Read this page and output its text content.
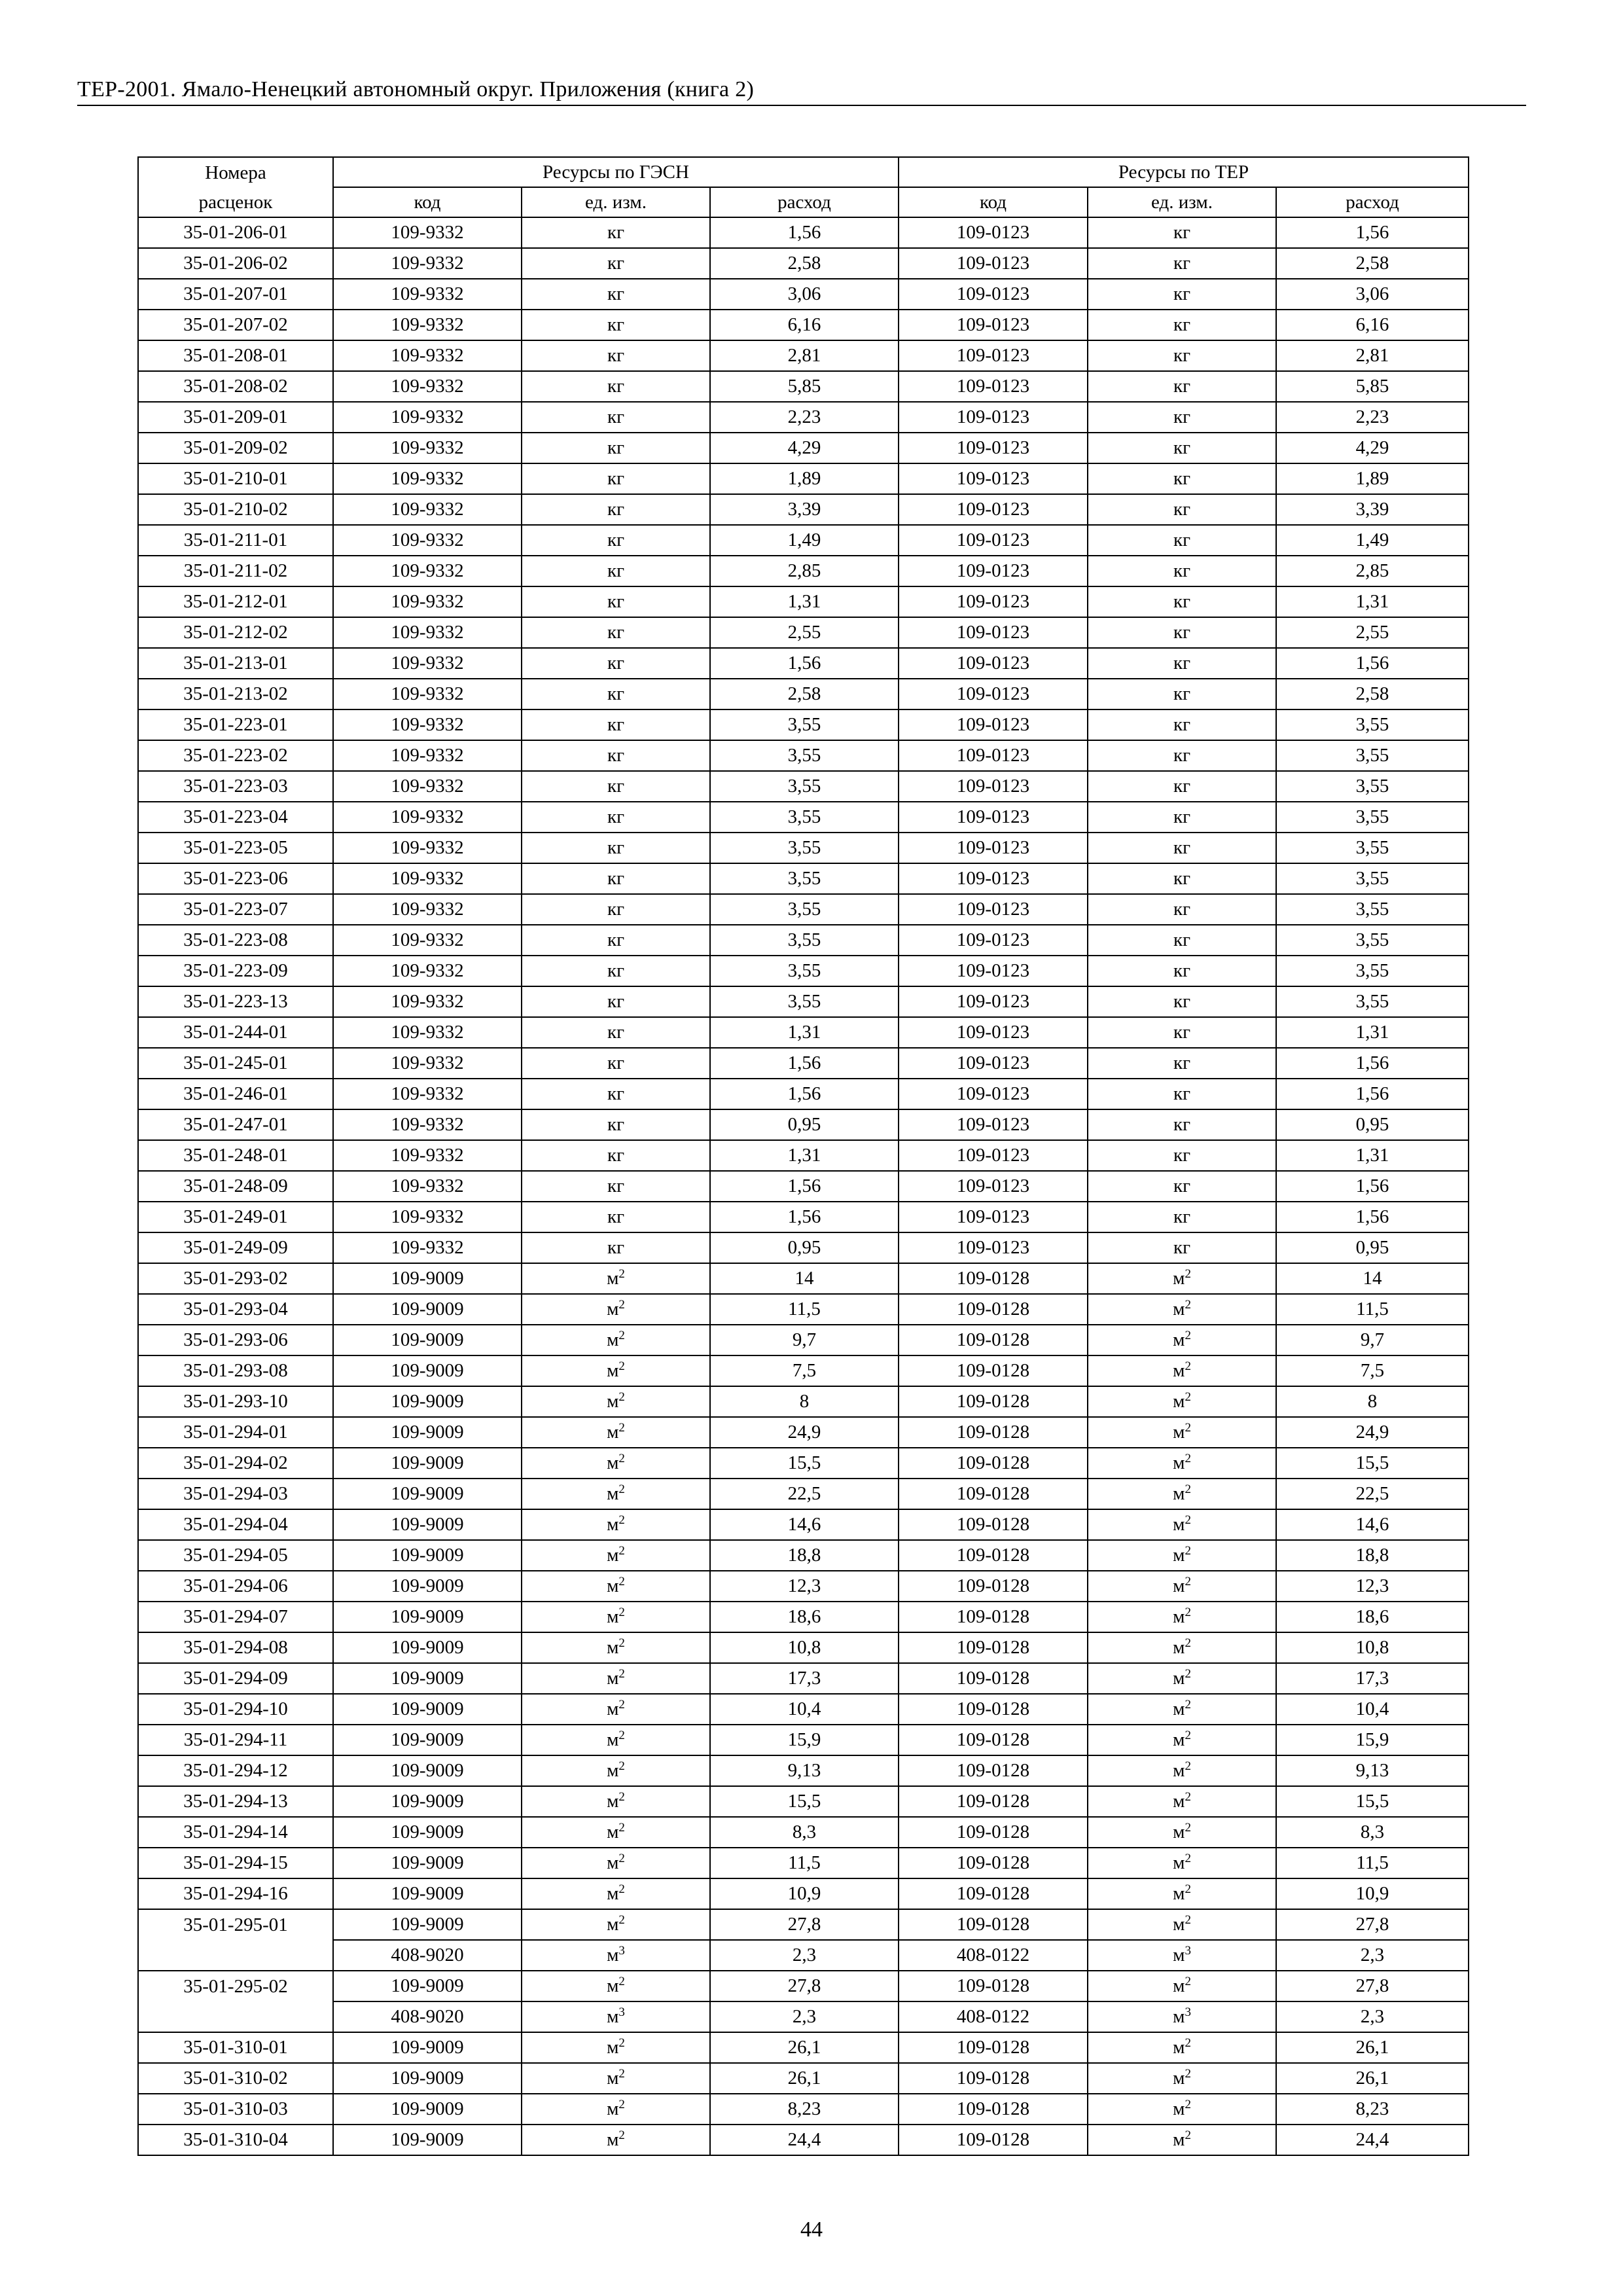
ТЕР-2001. Ямало-Ненецкий автономный округ. Приложения (книга 2)
Номера	Ресурсы по ГЭСН			Ресурсы по ТЕР		
расценок	код	ед. изм.	расход	код	ед. изм.	расход
35-01-206-01	109-9332	кг	1,56	109-0123	кг	1,56
35-01-206-02	109-9332	кг	2,58	109-0123	кг	2,58
35-01-207-01	109-9332	кг	3,06	109-0123	кг	3,06
35-01-207-02	109-9332	кг	6,16	109-0123	кг	6,16
35-01-208-01	109-9332	кг	2,81	109-0123	кг	2,81
35-01-208-02	109-9332	кг	5,85	109-0123	кг	5,85
35-01-209-01	109-9332	кг	2,23	109-0123	кг	2,23
35-01-209-02	109-9332	кг	4,29	109-0123	кг	4,29
35-01-210-01	109-9332	кг	1,89	109-0123	кг	1,89
35-01-210-02	109-9332	кг	3,39	109-0123	кг	3,39
35-01-211-01	109-9332	кг	1,49	109-0123	кг	1,49
35-01-211-02	109-9332	кг	2,85	109-0123	кг	2,85
35-01-212-01	109-9332	кг	1,31	109-0123	кг	1,31
35-01-212-02	109-9332	кг	2,55	109-0123	кг	2,55
35-01-213-01	109-9332	кг	1,56	109-0123	кг	1,56
35-01-213-02	109-9332	кг	2,58	109-0123	кг	2,58
35-01-223-01	109-9332	кг	3,55	109-0123	кг	3,55
35-01-223-02	109-9332	кг	3,55	109-0123	кг	3,55
35-01-223-03	109-9332	кг	3,55	109-0123	кг	3,55
35-01-223-04	109-9332	кг	3,55	109-0123	кг	3,55
35-01-223-05	109-9332	кг	3,55	109-0123	кг	3,55
35-01-223-06	109-9332	кг	3,55	109-0123	кг	3,55
35-01-223-07	109-9332	кг	3,55	109-0123	кг	3,55
35-01-223-08	109-9332	кг	3,55	109-0123	кг	3,55
35-01-223-09	109-9332	кг	3,55	109-0123	кг	3,55
35-01-223-13	109-9332	кг	3,55	109-0123	кг	3,55
35-01-244-01	109-9332	кг	1,31	109-0123	кг	1,31
35-01-245-01	109-9332	кг	1,56	109-0123	кг	1,56
35-01-246-01	109-9332	кг	1,56	109-0123	кг	1,56
35-01-247-01	109-9332	кг	0,95	109-0123	кг	0,95
35-01-248-01	109-9332	кг	1,31	109-0123	кг	1,31
35-01-248-09	109-9332	кг	1,56	109-0123	кг	1,56
35-01-249-01	109-9332	кг	1,56	109-0123	кг	1,56
35-01-249-09	109-9332	кг	0,95	109-0123	кг	0,95
35-01-293-02	109-9009	$м^2$	14	109-0128	$м^2$	14
35-01-293-04	109-9009	$м^2$	11,5	109-0128	$м^2$	11,5
35-01-293-06	109-9009	$м^2$	9,7	109-0128	$м^2$	9,7
35-01-293-08	109-9009	$м^2$	7,5	109-0128	$м^2$	7,5
35-01-293-10	109-9009	$м^2$	8	109-0128	$м^2$	8
35-01-294-01	109-9009	$м^2$	24,9	109-0128	$м^2$	24,9
35-01-294-02	109-9009	$м^2$	15,5	109-0128	$м^2$	15,5
35-01-294-03	109-9009	$м^2$	22,5	109-0128	$м^2$	22,5
35-01-294-04	109-9009	$м^2$	14,6	109-0128	$м^2$	14,6
35-01-294-05	109-9009	$м^2$	18,8	109-0128	$м^2$	18,8
35-01-294-06	109-9009	$м^2$	12,3	109-0128	$м^2$	12,3
35-01-294-07	109-9009	$м^2$	18,6	109-0128	$м^2$	18,6
35-01-294-08	109-9009	$м^2$	10,8	109-0128	$м^2$	10,8
35-01-294-09	109-9009	$м^2$	17,3	109-0128	$м^2$	17,3
35-01-294-10	109-9009	$м^2$	10,4	109-0128	$м^2$	10,4
35-01-294-11	109-9009	$м^2$	15,9	109-0128	$м^2$	15,9
35-01-294-12	109-9009	$м^2$	9,13	109-0128	$м^2$	9,13
35-01-294-13	109-9009	$м^2$	15,5	109-0128	$м^2$	15,5
35-01-294-14	109-9009	$м^2$	8,3	109-0128	$м^2$	8,3
35-01-294-15	109-9009	$м^2$	11,5	109-0128	$м^2$	11,5
35-01-294-16	109-9009	$м^2$	10,9	109-0128	$м^2$	10,9
35-01-295-01	109-9009	$м^2$	27,8	109-0128	$м^2$	27,8
	408-9020	$м^3$	2,3	408-0122	$м^3$	2,3
35-01-295-02	109-9009	$м^2$	27,8	109-0128	$м^2$	27,8
	408-9020	$м^3$	2,3	408-0122	$м^3$	2,3
35-01-310-01	109-9009	$м^2$	26,1	109-0128	$м^2$	26,1
35-01-310-02	109-9009	$м^2$	26,1	109-0128	$м^2$	26,1
35-01-310-03	109-9009	$м^2$	8,23	109-0128	$м^2$	8,23
35-01-310-04	109-9009	$м^2$	24,4	109-0128	$м^2$	24,4
44
